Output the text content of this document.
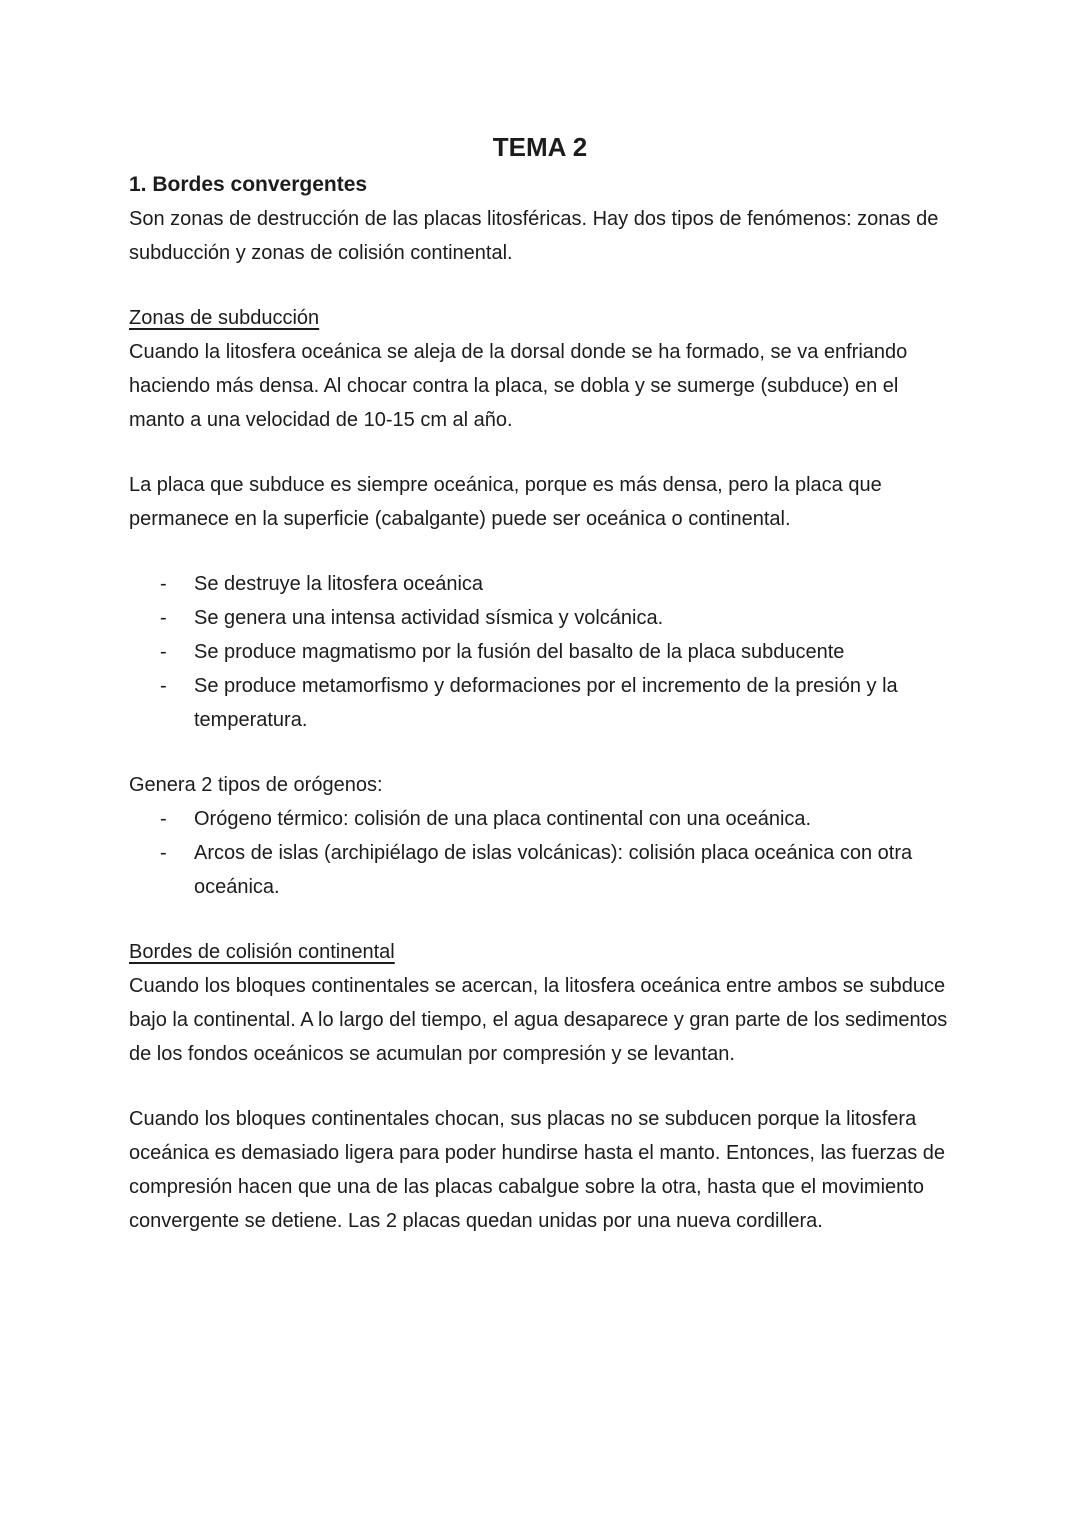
TEMA 2
1. Bordes convergentes

Son zonas de destrucción de las placas litosféricas. Hay dos tipos de fenómenos: zonas de subducción y zonas de colisión continental.

Zonas de subducción

Cuando la litosfera oceánica se aleja de la dorsal donde se ha formado, se va enfriando haciendo más densa. Al chocar contra la placa, se dobla y se sumerge (subduce) en el manto a una velocidad de 10-15 cm al año.

La placa que subduce es siempre oceánica, porque es más densa, pero la placa que permanece en la superficie (cabalgante) puede ser oceánica o continental.

- Se destruye la litosfera oceánica
- Se genera una intensa actividad sísmica y volcánica.
- Se produce magmatismo por la fusión del basalto de la placa subducente
- Se produce metamorfismo y deformaciones por el incremento de la presión y la temperatura.

Genera 2 tipos de orógenos:

- Orógeno térmico: colisión de una placa continental con una oceánica.
- Arcos de islas (archipiélago de islas volcánicas): colisión placa oceánica con otra oceánica.
Bordes de colisión continental

Cuando los bloques continentales se acercan, la litosfera oceánica entre ambos se subduce bajo la continental. A lo largo del tiempo, el agua desaparece y gran parte de los sedimentos de los fondos oceánicos se acumulan por compresión y se levantan.

Cuando los bloques continentales chocan, sus placas no se subducen porque la litosfera oceánica es demasiado ligera para poder hundirse hasta el manto. Entonces, las fuerzas de compresión hacen que una de las placas cabalgue sobre la otra, hasta que el movimiento convergente se detiene. Las 2 placas quedan unidas por una nueva cordillera.
